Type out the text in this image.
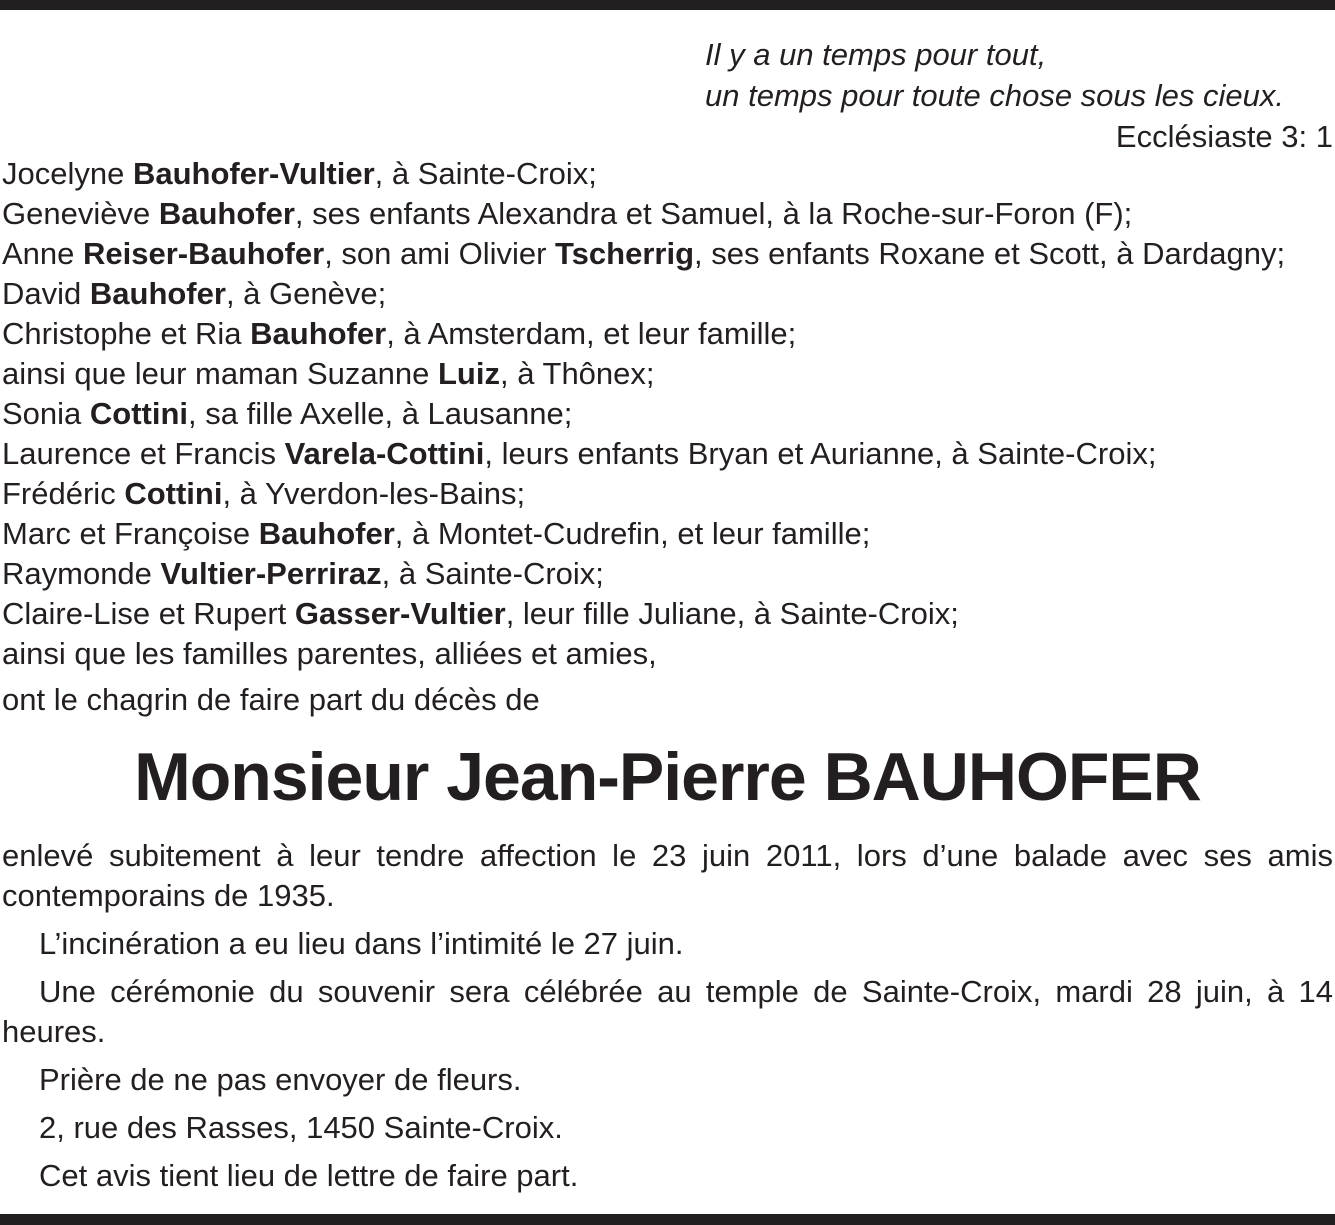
Il y a un temps pour tout,
un temps pour toute chose sous les cieux.
Ecclésiaste 3: 1
Jocelyne Bauhofer-Vultier, à Sainte-Croix;
Geneviève Bauhofer, ses enfants Alexandra et Samuel, à la Roche-sur-Foron (F);
Anne Reiser-Bauhofer, son ami Olivier Tscherrig, ses enfants Roxane et Scott, à Dardagny;
David Bauhofer, à Genève;
Christophe et Ria Bauhofer, à Amsterdam, et leur famille;
ainsi que leur maman Suzanne Luiz, à Thônex;
Sonia Cottini, sa fille Axelle, à Lausanne;
Laurence et Francis Varela-Cottini, leurs enfants Bryan et Aurianne, à Sainte-Croix;
Frédéric Cottini, à Yverdon-les-Bains;
Marc et Françoise Bauhofer, à Montet-Cudrefin, et leur famille;
Raymonde Vultier-Perriraz, à Sainte-Croix;
Claire-Lise et Rupert Gasser-Vultier, leur fille Juliane, à Sainte-Croix;
ainsi que les familles parentes, alliées et amies,
ont le chagrin de faire part du décès de
Monsieur Jean-Pierre BAUHOFER
enlevé subitement à leur tendre affection le 23 juin 2011, lors d’une balade avec ses amis contemporains de 1935.
L’incinération a eu lieu dans l’intimité le 27 juin.
Une cérémonie du souvenir sera célébrée au temple de Sainte-Croix, mardi 28 juin, à 14 heures.
Prière de ne pas envoyer de fleurs.
2, rue des Rasses, 1450 Sainte-Croix.
Cet avis tient lieu de lettre de faire part.
